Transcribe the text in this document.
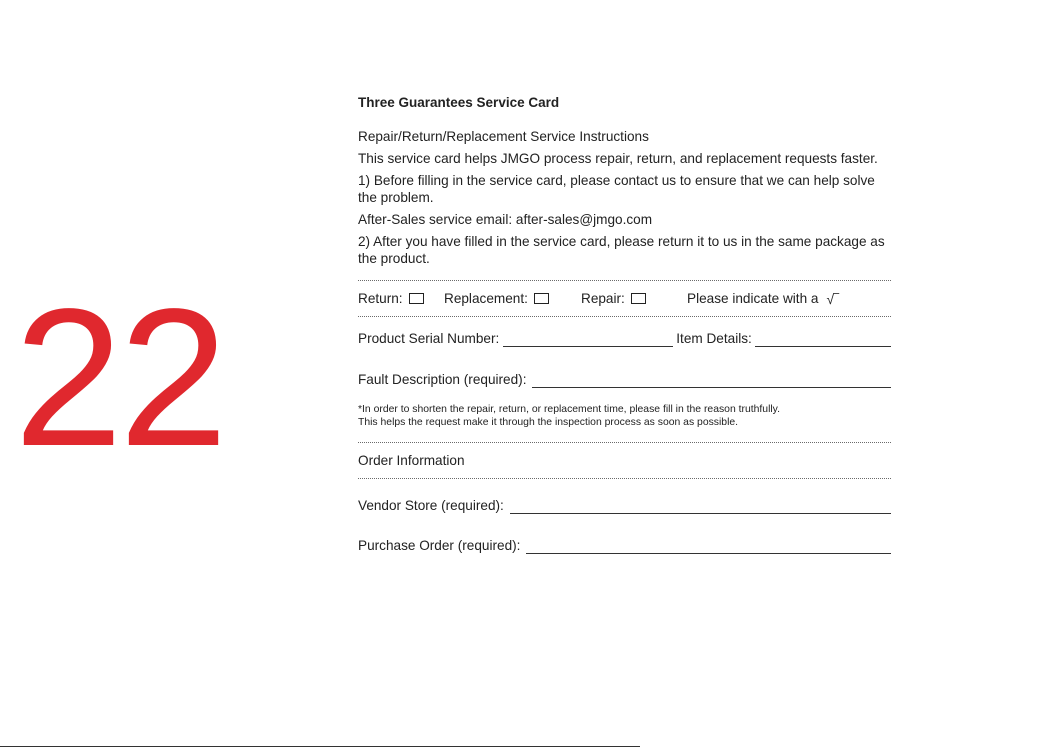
22
Three Guarantees Service Card

Repair/Return/Replacement Service Instructions

This service card helps JMGO process repair, return, and replacement requests faster.

1) Before filling in the service card, please contact us to ensure that we can help solve the problem.

After-Sales service email: after-sales@jmgo.com

2) After you have filled in the service card, please return it to us in the same package as the product.

Return:	Replacement:	Repair:	Please indicate with a √‾
Product Serial Number:	Item Details:
Fault Description (required):

*In order to shorten the repair, return, or replacement time, please fill in the reason truthfully.

This helps the request make it through the inspection process as soon as possible.

Order Information

Vendor Store (required):
Purchase Order (required):
